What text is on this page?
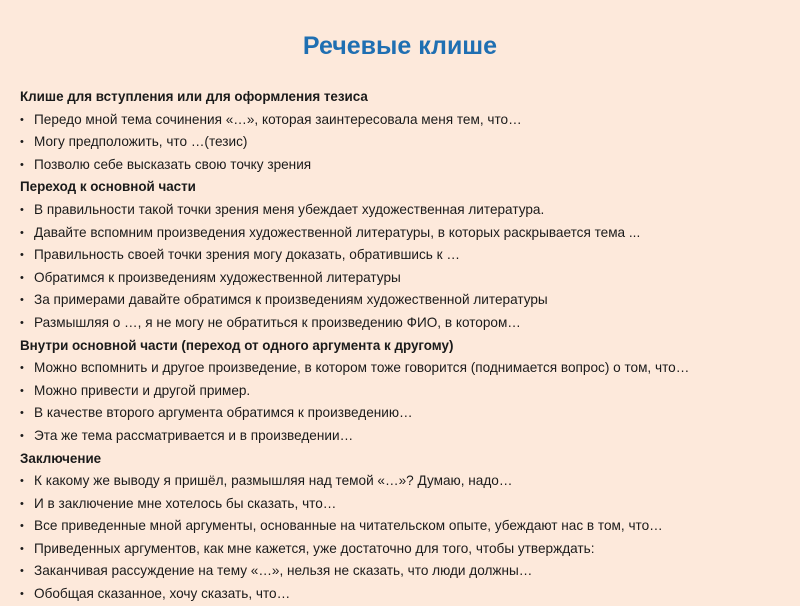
Речевые клише
Клише для вступления или для оформления тезиса
• Передо мной тема сочинения «…», которая заинтересовала меня тем, что…
• Могу предположить, что …(тезис)
• Позволю себе высказать свою точку зрения
Переход к основной части
• В правильности такой точки зрения меня убеждает художественная литература.
• Давайте вспомним произведения художественной литературы, в которых раскрывается тема ...
• Правильность своей точки зрения могу доказать, обратившись к …
• Обратимся к произведениям художественной литературы
• За примерами давайте обратимся к произведениям художественной литературы
• Размышляя о …, я не могу не обратиться к произведению ФИО, в котором…
Внутри основной части (переход от одного аргумента к другому)
• Можно вспомнить и другое произведение, в котором тоже говорится (поднимается вопрос) о том, что…
• Можно привести и другой пример.
• В качестве второго аргумента обратимся к произведению…
• Эта же тема рассматривается и в произведении…
Заключение
• К какому же выводу я пришёл, размышляя над темой «…»? Думаю, надо…
• И в заключение мне хотелось бы сказать, что…
• Все приведенные мной аргументы, основанные на читательском опыте, убеждают нас в том, что…
• Приведенных аргументов, как мне кажется, уже достаточно для того, чтобы утверждать:
• Заканчивая рассуждение на тему «…», нельзя не сказать, что люди должны…
• Обобщая сказанное, хочу сказать, что…
